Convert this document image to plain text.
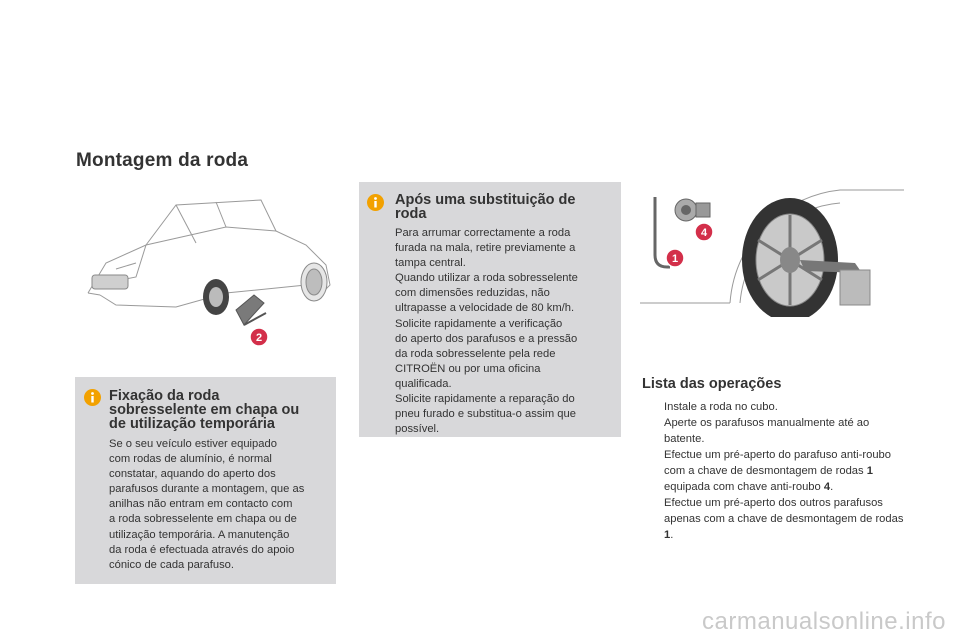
Montagem da roda
2
4
1
Após uma substituição de
roda

Para arrumar correctamente a roda

furada na mala, retire previamente a

tampa central.

Quando utilizar a roda sobresselente

com dimensões reduzidas, não

ultrapasse a velocidade de 80 km/h.

Solicite rapidamente a verificação

do aperto dos parafusos e a pressão

da roda sobresselente pela rede

CITROËN ou por uma oficina

qualificada.

Solicite rapidamente a reparação do

pneu furado e substitua-o assim que

possível.

Fixação da roda
sobresselente em chapa ou
de utilização temporária

Se o seu veículo estiver equipado

com rodas de alumínio, é normal

constatar, aquando do aperto dos

parafusos durante a montagem, que as

anilhas não entram em contacto com

a roda sobresselente em chapa ou de

utilização temporária. A manutenção

da roda é efectuada através do apoio

cónico de cada parafuso.

Lista das operações
Instale a roda no cubo.
Aperte os parafusos manualmente até ao batente.
Efectue um pré-aperto do parafuso anti-roubo com a chave de desmontagem de rodas 1 equipada com chave anti-roubo 4.
Efectue um pré-aperto dos outros parafusos apenas com a chave de desmontagem de rodas 1.
carmanualsonline.info
